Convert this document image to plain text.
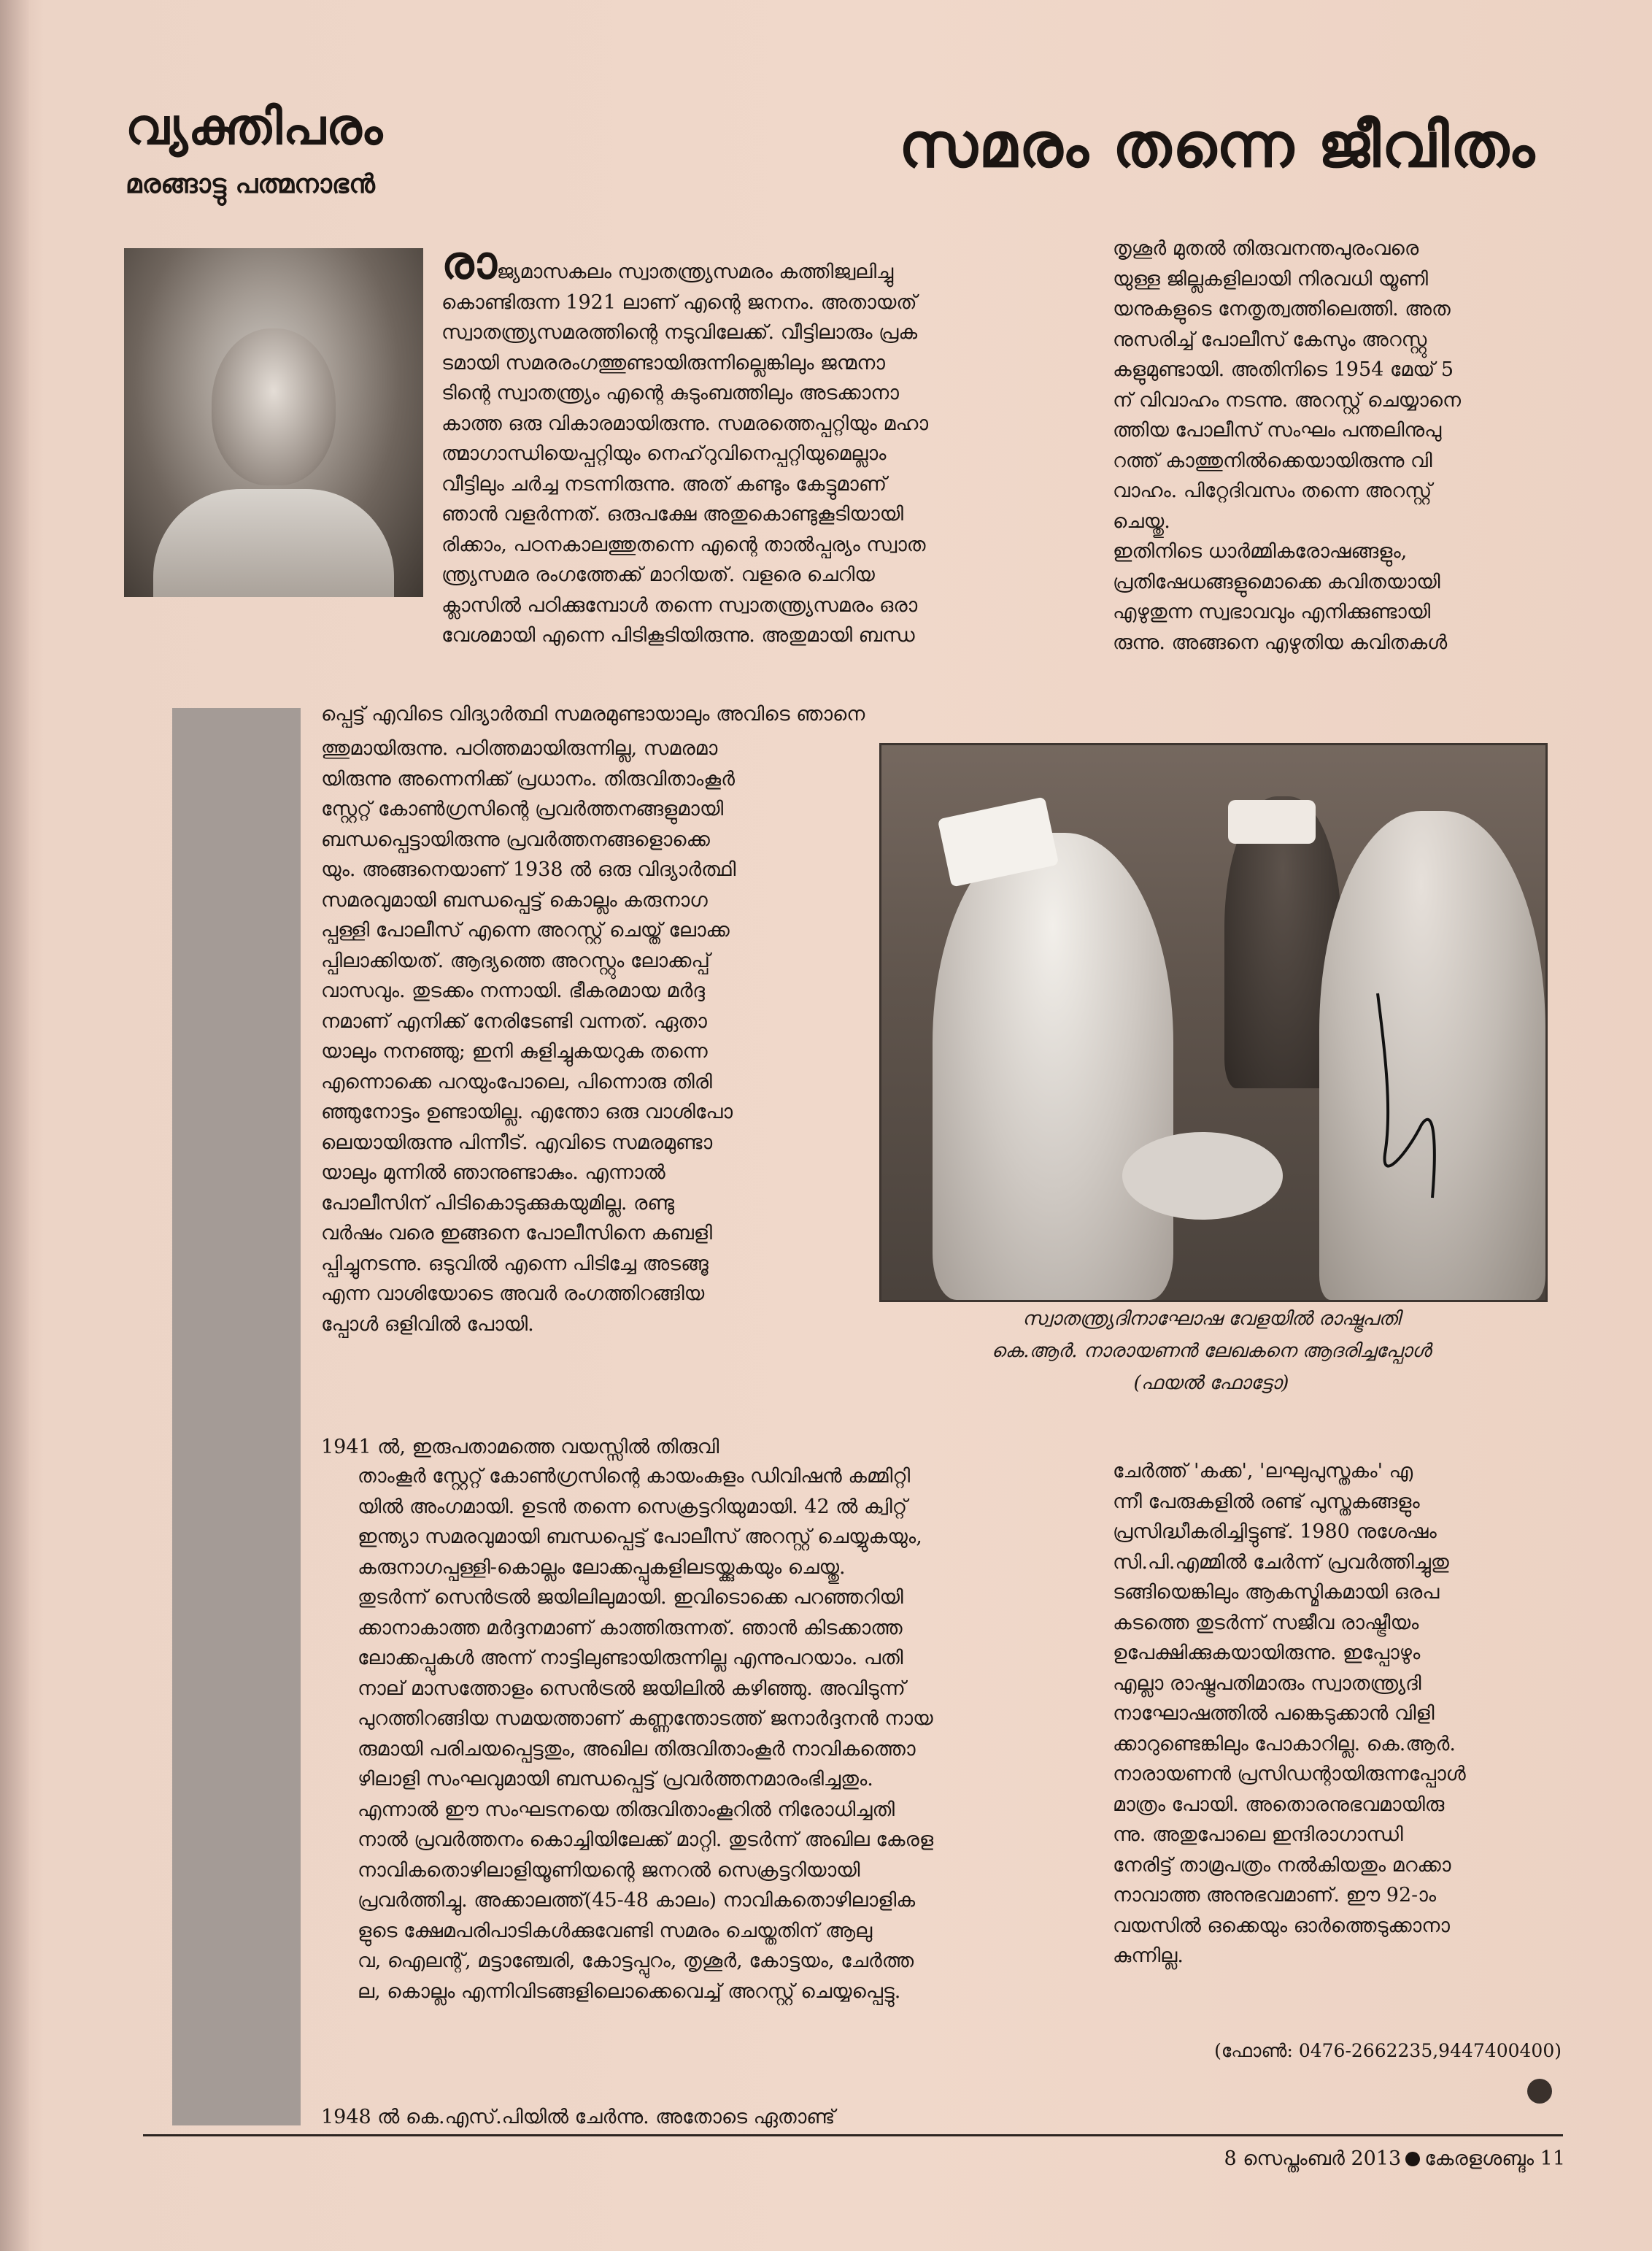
വ്യക്തിപരം
മരങ്ങാട്ടു പത്മനാഭൻ
സമരം തന്നെ ജീവിതം
രാജ്യമാസകലം സ്വാതന്ത്ര്യസമരം കത്തിജ്വലിച്ചു
കൊണ്ടിരുന്ന 1921 ലാണ് എന്റെ ജനനം. അതായത്
സ്വാതന്ത്ര്യസമരത്തിന്റെ നടുവിലേക്ക്. വീട്ടിലാരും പ്രക
ടമായി സമരരംഗത്തുണ്ടായിരുന്നില്ലെങ്കിലും ജന്മനാ
ടിന്റെ സ്വാതന്ത്ര്യം എന്റെ കുടുംബത്തിലും അടക്കാനാ
കാത്ത ഒരു വികാരമായിരുന്നു. സമരത്തെപ്പറ്റിയും മഹാ
ത്മാഗാന്ധിയെപ്പറ്റിയും നെഹ്‌റുവിനെപ്പറ്റിയുമെല്ലാം
വീട്ടിലും ചർച്ച നടന്നിരുന്നു. അത് കണ്ടും കേട്ടുമാണ്
ഞാൻ വളർന്നത്. ഒരുപക്ഷേ അതുകൊണ്ടുകൂടിയായി
രിക്കാം, പഠനകാലത്തുതന്നെ എന്റെ താൽപ്പര്യം സ്വാത
ന്ത്ര്യസമര രംഗത്തേക്ക് മാറിയത്. വളരെ ചെറിയ
ക്ലാസിൽ പഠിക്കുമ്പോൾ തന്നെ സ്വാതന്ത്ര്യസമരം ഒരാ
വേശമായി എന്നെ പിടികൂടിയിരുന്നു. അതുമായി ബന്ധ
തൃശൂർ മുതൽ തിരുവനന്തപുരംവരെ
യുള്ള ജില്ലകളിലായി നിരവധി യൂണി
യനുകളുടെ നേതൃത്വത്തിലെത്തി. അത
നുസരിച്ച് പോലീസ് കേസും അറസ്റ്റു
കളുമുണ്ടായി. അതിനിടെ 1954 മേയ് 5
ന് വിവാഹം നടന്നു. അറസ്റ്റ് ചെയ്യാനെ
ത്തിയ പോലീസ് സംഘം പന്തലിനുപു
റത്ത് കാത്തുനിൽക്കെയായിരുന്നു വി
വാഹം. പിറ്റേദിവസം തന്നെ അറസ്റ്റ്
ചെയ്തു.
ഇതിനിടെ ധാർമ്മികരോഷങ്ങളും,
പ്രതിഷേധങ്ങളുമൊക്കെ കവിതയായി
എഴുതുന്ന സ്വഭാവവും എനിക്കുണ്ടായി
രുന്നു. അങ്ങനെ എഴുതിയ കവിതകൾ
പ്പെട്ട് എവിടെ വിദ്യാർത്ഥി സമരമുണ്ടായാലും അവിടെ ഞാനെ
ത്തുമായിരുന്നു. പഠിത്തമായിരുന്നില്ല, സമരമാ
യിരുന്നു അന്നെനിക്ക് പ്രധാനം. തിരുവിതാംകൂർ
സ്റ്റേറ്റ് കോൺഗ്രസിന്റെ പ്രവർത്തനങ്ങളുമായി
ബന്ധപ്പെട്ടായിരുന്നു പ്രവർത്തനങ്ങളൊക്കെ
യും. അങ്ങനെയാണ് 1938 ൽ ഒരു വിദ്യാർത്ഥി
സമരവുമായി ബന്ധപ്പെട്ട് കൊല്ലം കരുനാഗ
പ്പള്ളി പോലീസ് എന്നെ അറസ്റ്റ് ചെയ്ത് ലോക്ക
പ്പിലാക്കിയത്. ആദ്യത്തെ അറസ്റ്റും ലോക്കപ്പ്
വാസവും. തുടക്കം നന്നായി. ഭീകരമായ മർദ്ദ
നമാണ് എനിക്ക് നേരിടേണ്ടി വന്നത്. ഏതാ
യാലും നനഞ്ഞു; ഇനി കുളിച്ചുകയറുക തന്നെ
എന്നൊക്കെ പറയുംപോലെ, പിന്നൊരു തിരി
ഞ്ഞുനോട്ടം ഉണ്ടായില്ല. എന്തോ ഒരു വാശിപോ
ലെയായിരുന്നു പിന്നീട്. എവിടെ സമരമുണ്ടാ
യാലും മുന്നിൽ ഞാനുണ്ടാകും. എന്നാൽ
പോലീസിന് പിടികൊടുക്കുകയുമില്ല. രണ്ടു
വർഷം വരെ ഇങ്ങനെ പോലീസിനെ കബളി
പ്പിച്ചുനടന്നു. ഒടുവിൽ എന്നെ പിടിച്ചേ അടങ്ങൂ
എന്ന വാശിയോടെ അവർ രംഗത്തിറങ്ങിയ
പ്പോൾ ഒളിവിൽ പോയി.	സ്വാതന്ത്ര്യദിനാഘോഷ വേളയിൽ രാഷ്ട്രപതി
കെ.ആർ. നാരായണൻ ലേഖകനെ ആദരിച്ചപ്പോൾ
(ഫയൽ ഫോട്ടോ)
1941 ൽ, ഇരുപതാമത്തെ വയസ്സിൽ തിരുവി
താംകൂർ സ്റ്റേറ്റ് കോൺഗ്രസിന്റെ കായംകുളം ഡിവിഷൻ കമ്മിറ്റി
യിൽ അംഗമായി. ഉടൻ തന്നെ സെക്രട്ടറിയുമായി. 42 ൽ ക്വിറ്റ്
ഇന്ത്യാ സമരവുമായി ബന്ധപ്പെട്ട് പോലീസ് അറസ്റ്റ് ചെയ്യുകയും,
കരുനാഗപ്പള്ളി-കൊല്ലം ലോക്കപ്പുകളിലടയ്ക്കുകയും ചെയ്തു.
തുടർന്ന് സെൻട്രൽ ജയിലിലുമായി. ഇവിടൊക്കെ പറഞ്ഞറിയി
ക്കാനാകാത്ത മർദ്ദനമാണ് കാത്തിരുന്നത്. ഞാൻ കിടക്കാത്ത
ലോക്കപ്പുകൾ അന്ന് നാട്ടിലുണ്ടായിരുന്നില്ല എന്നുപറയാം. പതി
നാല് മാസത്തോളം സെൻട്രൽ ജയിലിൽ കഴിഞ്ഞു. അവിടുന്ന്
പുറത്തിറങ്ങിയ സമയത്താണ് കണ്ണന്തോടത്ത് ജനാർദ്ദനൻ നായ
രുമായി പരിചയപ്പെട്ടതും, അഖില തിരുവിതാംകൂർ നാവികത്തൊ
ഴിലാളി സംഘവുമായി ബന്ധപ്പെട്ട് പ്രവർത്തനമാരംഭിച്ചതും.
എന്നാൽ ഈ സംഘടനയെ തിരുവിതാംകൂറിൽ നിരോധിച്ചതി
നാൽ പ്രവർത്തനം കൊച്ചിയിലേക്ക് മാറ്റി. തുടർന്ന് അഖില കേരള
നാവികതൊഴിലാളിയൂണിയന്റെ ജനറൽ സെക്രട്ടറിയായി
പ്രവർത്തിച്ചു. അക്കാലത്ത്(45-48 കാലം) നാവികതൊഴിലാളിക
ളുടെ ക്ഷേമപരിപാടികൾക്കുവേണ്ടി സമരം ചെയ്തതിന് ആലു
വ, ഐലന്റ്, മട്ടാഞ്ചേരി, കോട്ടപ്പുറം, തൃശൂർ, കോട്ടയം, ചേർത്ത
ല, കൊല്ലം എന്നിവിടങ്ങളിലൊക്കെവെച്ച് അറസ്റ്റ് ചെയ്യപ്പെട്ടു.
1948 ൽ കെ.എസ്.പിയിൽ ചേർന്നു. അതോടെ ഏതാണ്ട്
ചേർത്ത് 'കക്ക', 'ലഘുപുസ്തകം' എ
ന്നീ പേരുകളിൽ രണ്ട് പുസ്തകങ്ങളും
പ്രസിദ്ധീകരിച്ചിട്ടുണ്ട്. 1980 നുശേഷം
സി.പി.എമ്മിൽ ചേർന്ന് പ്രവർത്തിച്ചുതു
ടങ്ങിയെങ്കിലും ആകസ്മികമായി ഒരപ
കടത്തെ തുടർന്ന് സജീവ രാഷ്ട്രീയം
ഉപേക്ഷിക്കുകയായിരുന്നു. ഇപ്പോഴും
എല്ലാ രാഷ്ട്രപതിമാരും സ്വാതന്ത്ര്യദി
നാഘോഷത്തിൽ പങ്കെടുക്കാൻ വിളി
ക്കാറുണ്ടെങ്കിലും പോകാറില്ല. കെ.ആർ.
നാരായണൻ പ്രസിഡന്റായിരുന്നപ്പോൾ
മാത്രം പോയി. അതൊരനുഭവമായിരു
ന്നു. അതുപോലെ ഇന്ദിരാഗാന്ധി
നേരിട്ട് താമ്രപത്രം നൽകിയതും മറക്കാ
നാവാത്ത അനുഭവമാണ്. ഈ 92-ാം
വയസിൽ ഒക്കെയും ഓർത്തെടുക്കാനാ
കുന്നില്ല.
(ഫോൺ: 0476-2662235,9447400400)
8 സെപ്തംബർ 2013 കേരളശബ്ദം 11
